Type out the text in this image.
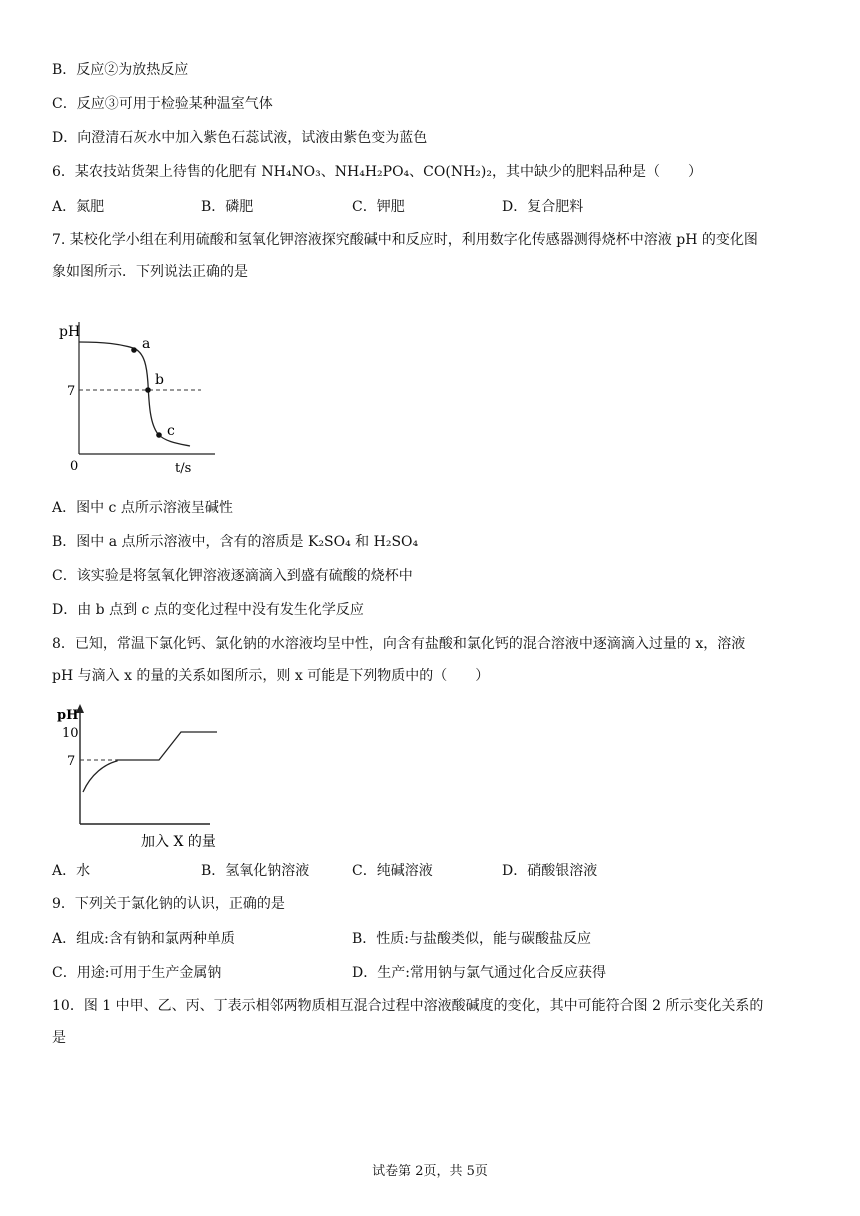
B．反应②为放热反应
C．反应③可用于检验某种温室气体
D．向澄清石灰水中加入紫色石蕊试液，试液由紫色变为蓝色
6．某农技站货架上待售的化肥有 NH₄NO₃、NH₄H₂PO₄、CO(NH₂)₂，其中缺少的肥料品种是（　　）
A．氮肥	B．磷肥	C．钾肥	D．复合肥料
7. 某校化学小组在利用硫酸和氢氧化钾溶液探究酸碱中和反应时，利用数字化传感器测得烧杯中溶液 pH 的变化图
象如图所示．下列说法正确的是
pH
7
0	t/s
a
b
c
A．图中 c 点所示溶液呈碱性
B．图中 a 点所示溶液中，含有的溶质是 K₂SO₄ 和 H₂SO₄
C．该实验是将氢氧化钾溶液逐滴滴入到盛有硫酸的烧杯中
D．由 b 点到 c 点的变化过程中没有发生化学反应
8．已知，常温下氯化钙、氯化钠的水溶液均呈中性，向含有盐酸和氯化钙的混合溶液中逐滴滴入过量的 x，溶液
pH 与滴入 x 的量的关系如图所示，则 x 可能是下列物质中的（　　）
pH
10
7
加入 X 的量
A．水	B．氢氧化钠溶液	C．纯碱溶液	D．硝酸银溶液
9．下列关于氯化钠的认识，正确的是
A．组成:含有钠和氯两种单质	B．性质:与盐酸类似，能与碳酸盐反应
C．用途:可用于生产金属钠	D．生产:常用钠与氯气通过化合反应获得
10．图 1 中甲、乙、丙、丁表示相邻两物质相互混合过程中溶液酸碱度的变化，其中可能符合图 2 所示变化关系的
是
试卷第 2页，共 5页
